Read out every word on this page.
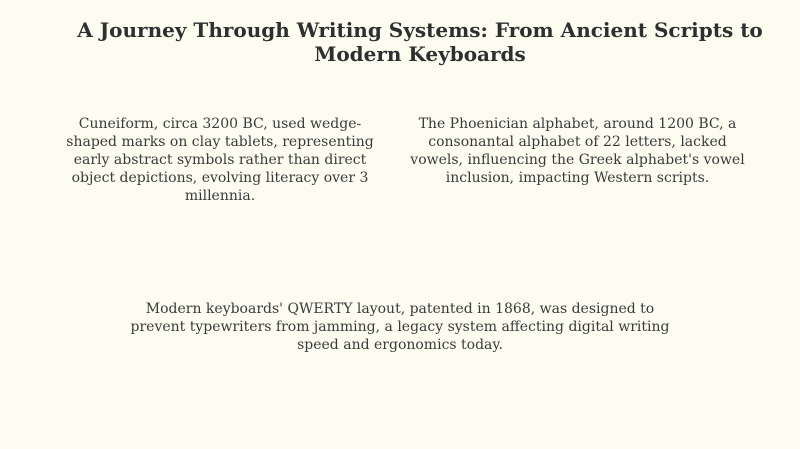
A Journey Through Writing Systems: From Ancient Scripts to Modern Keyboards

Cuneiform, circa 3200 BC, used wedge-shaped marks on clay tablets, representing early abstract symbols rather than direct object depictions, evolving literacy over 3 millennia.

The Phoenician alphabet, around 1200 BC, a consonantal alphabet of 22 letters, lacked vowels, influencing the Greek alphabet's vowel inclusion, impacting Western scripts.

Modern keyboards' QWERTY layout, patented in 1868, was designed to prevent typewriters from jamming, a legacy system affecting digital writing speed and ergonomics today.
